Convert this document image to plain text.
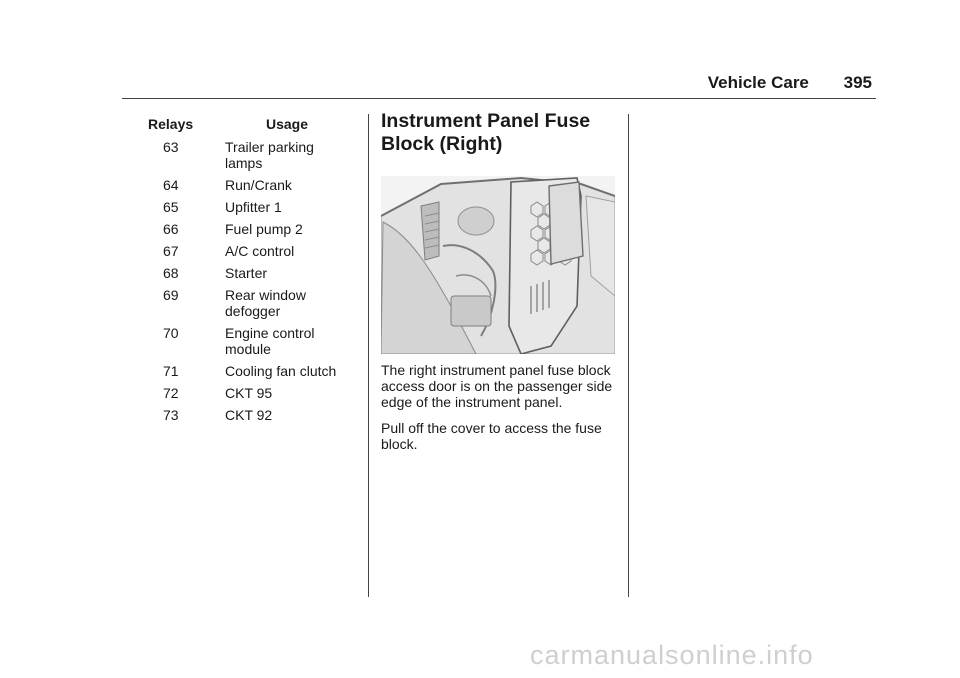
Vehicle Care 395
Relays	Usage
63	Trailer parking lamps
64	Run/Crank
65	Upfitter 1
66	Fuel pump 2
67	A/C control
68	Starter
69	Rear window defogger
70	Engine control module
71	Cooling fan clutch
72	CKT 95
73	CKT 92
Instrument Panel Fuse Block (Right)

The right instrument panel fuse block access door is on the passenger side edge of the instrument panel.

Pull off the cover to access the fuse block.

carmanualsonline.info
